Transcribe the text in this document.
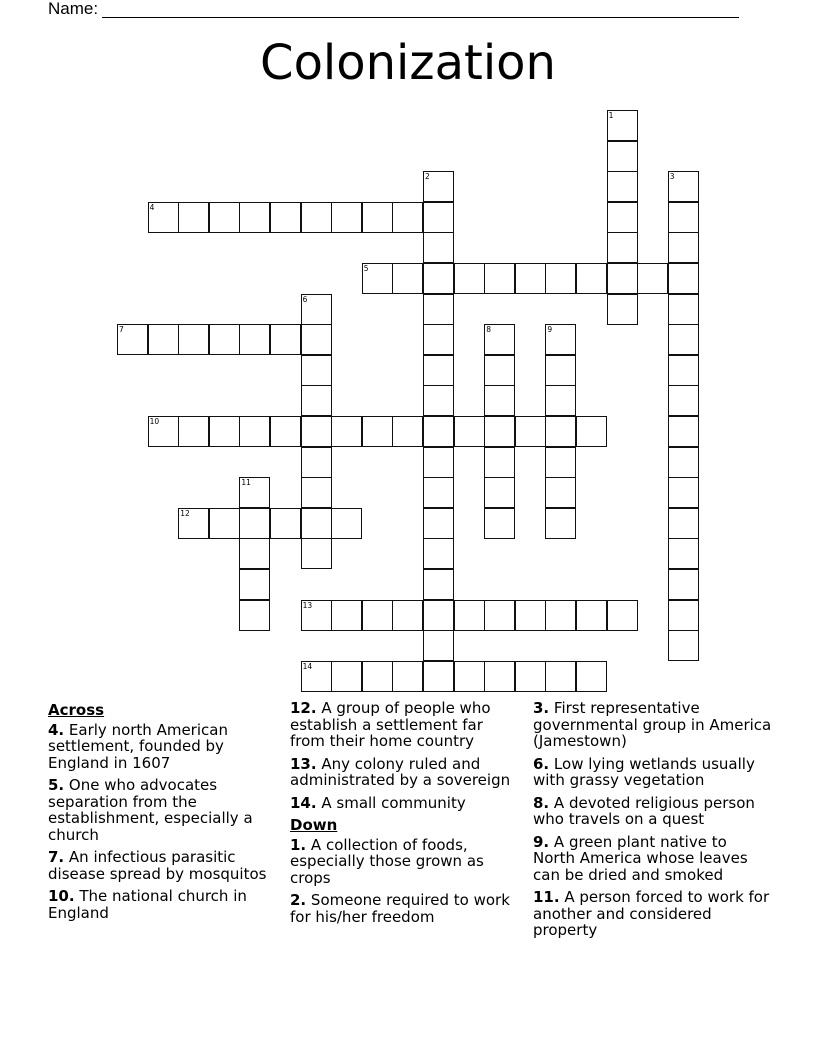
Name:
Colonization
1
2	3
4
5
6
7	8	9
10
11
12
13
14
Across
4. Early north American settlement, founded by England in 1607
5. One who advocates separation from the establishment, especially a church
7. An infectious parasitic disease spread by mosquitos
10. The national church in England
12. A group of people who establish a settlement far from their home country
13. Any colony ruled and administrated by a sovereign
14. A small community
Down
1. A collection of foods, especially those grown as crops
2. Someone required to work for his/her freedom
3. First representative governmental group in America (Jamestown)
6. Low lying wetlands usually with grassy vegetation
8. A devoted religious person who travels on a quest
9. A green plant native to North America whose leaves can be dried and smoked
11. A person forced to work for another and considered property
